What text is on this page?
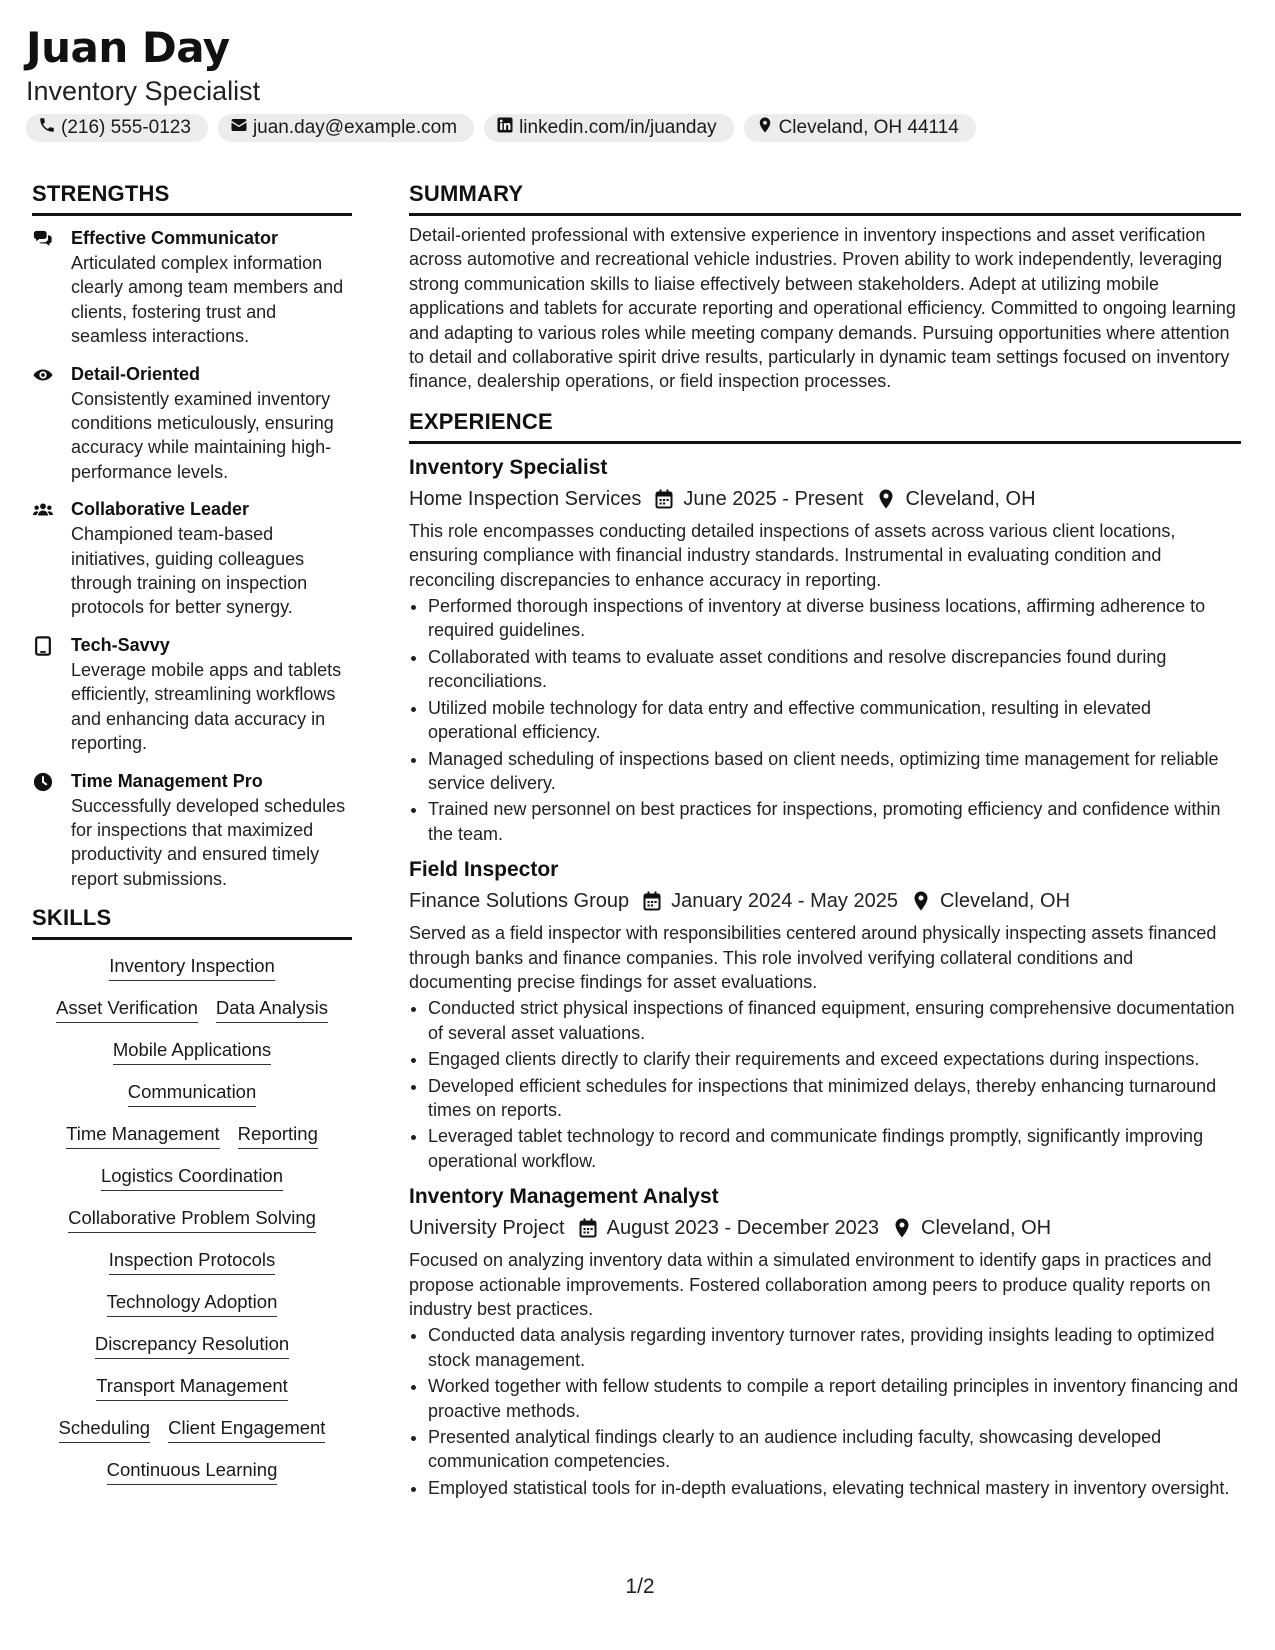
Juan Day
Inventory Specialist
(216) 555-0123	juan.day@example.com	linkedin.com/in/juanday	Cleveland, OH 44114
STRENGTHS
Effective Communicator
Articulated complex information clearly among team members and clients, fostering trust and seamless interactions.
Detail-Oriented
Consistently examined inventory conditions meticulously, ensuring accuracy while maintaining high-performance levels.
Collaborative Leader
Championed team-based initiatives, guiding colleagues through training on inspection protocols for better synergy.
Tech-Savvy
Leverage mobile apps and tablets efficiently, streamlining workflows and enhancing data accuracy in reporting.
Time Management Pro
Successfully developed schedules for inspections that maximized productivity and ensured timely report submissions.
SKILLS
Inventory Inspection
Asset Verification Data Analysis
Mobile Applications
Communication
Time Management Reporting
Logistics Coordination
Collaborative Problem Solving
Inspection Protocols
Technology Adoption
Discrepancy Resolution
Transport Management
Scheduling Client Engagement
Continuous Learning
SUMMARY
Detail-oriented professional with extensive experience in inventory inspections and asset verification across automotive and recreational vehicle industries. Proven ability to work independently, leveraging strong communication skills to liaise effectively between stakeholders. Adept at utilizing mobile applications and tablets for accurate reporting and operational efficiency. Committed to ongoing learning and adapting to various roles while meeting company demands. Pursuing opportunities where attention to detail and collaborative spirit drive results, particularly in dynamic team settings focused on inventory finance, dealership operations, or field inspection processes.
EXPERIENCE
Inventory Specialist
Home Inspection Services June 2025 - Present Cleveland, OH
This role encompasses conducting detailed inspections of assets across various client locations, ensuring compliance with financial industry standards. Instrumental in evaluating condition and reconciling discrepancies to enhance accuracy in reporting.
• Performed thorough inspections of inventory at diverse business locations, affirming adherence to required guidelines.
• Collaborated with teams to evaluate asset conditions and resolve discrepancies found during reconciliations.
• Utilized mobile technology for data entry and effective communication, resulting in elevated operational efficiency.
• Managed scheduling of inspections based on client needs, optimizing time management for reliable service delivery.
• Trained new personnel on best practices for inspections, promoting efficiency and confidence within the team.
Field Inspector
Finance Solutions Group January 2024 - May 2025 Cleveland, OH
Served as a field inspector with responsibilities centered around physically inspecting assets financed through banks and finance companies. This role involved verifying collateral conditions and documenting precise findings for asset evaluations.
• Conducted strict physical inspections of financed equipment, ensuring comprehensive documentation of several asset valuations.
• Engaged clients directly to clarify their requirements and exceed expectations during inspections.
• Developed efficient schedules for inspections that minimized delays, thereby enhancing turnaround times on reports.
• Leveraged tablet technology to record and communicate findings promptly, significantly improving operational workflow.
Inventory Management Analyst
University Project August 2023 - December 2023 Cleveland, OH
Focused on analyzing inventory data within a simulated environment to identify gaps in practices and propose actionable improvements. Fostered collaboration among peers to produce quality reports on industry best practices.
• Conducted data analysis regarding inventory turnover rates, providing insights leading to optimized stock management.
• Worked together with fellow students to compile a report detailing principles in inventory financing and proactive methods.
• Presented analytical findings clearly to an audience including faculty, showcasing developed communication competencies.
• Employed statistical tools for in-depth evaluations, elevating technical mastery in inventory oversight.
1/2
